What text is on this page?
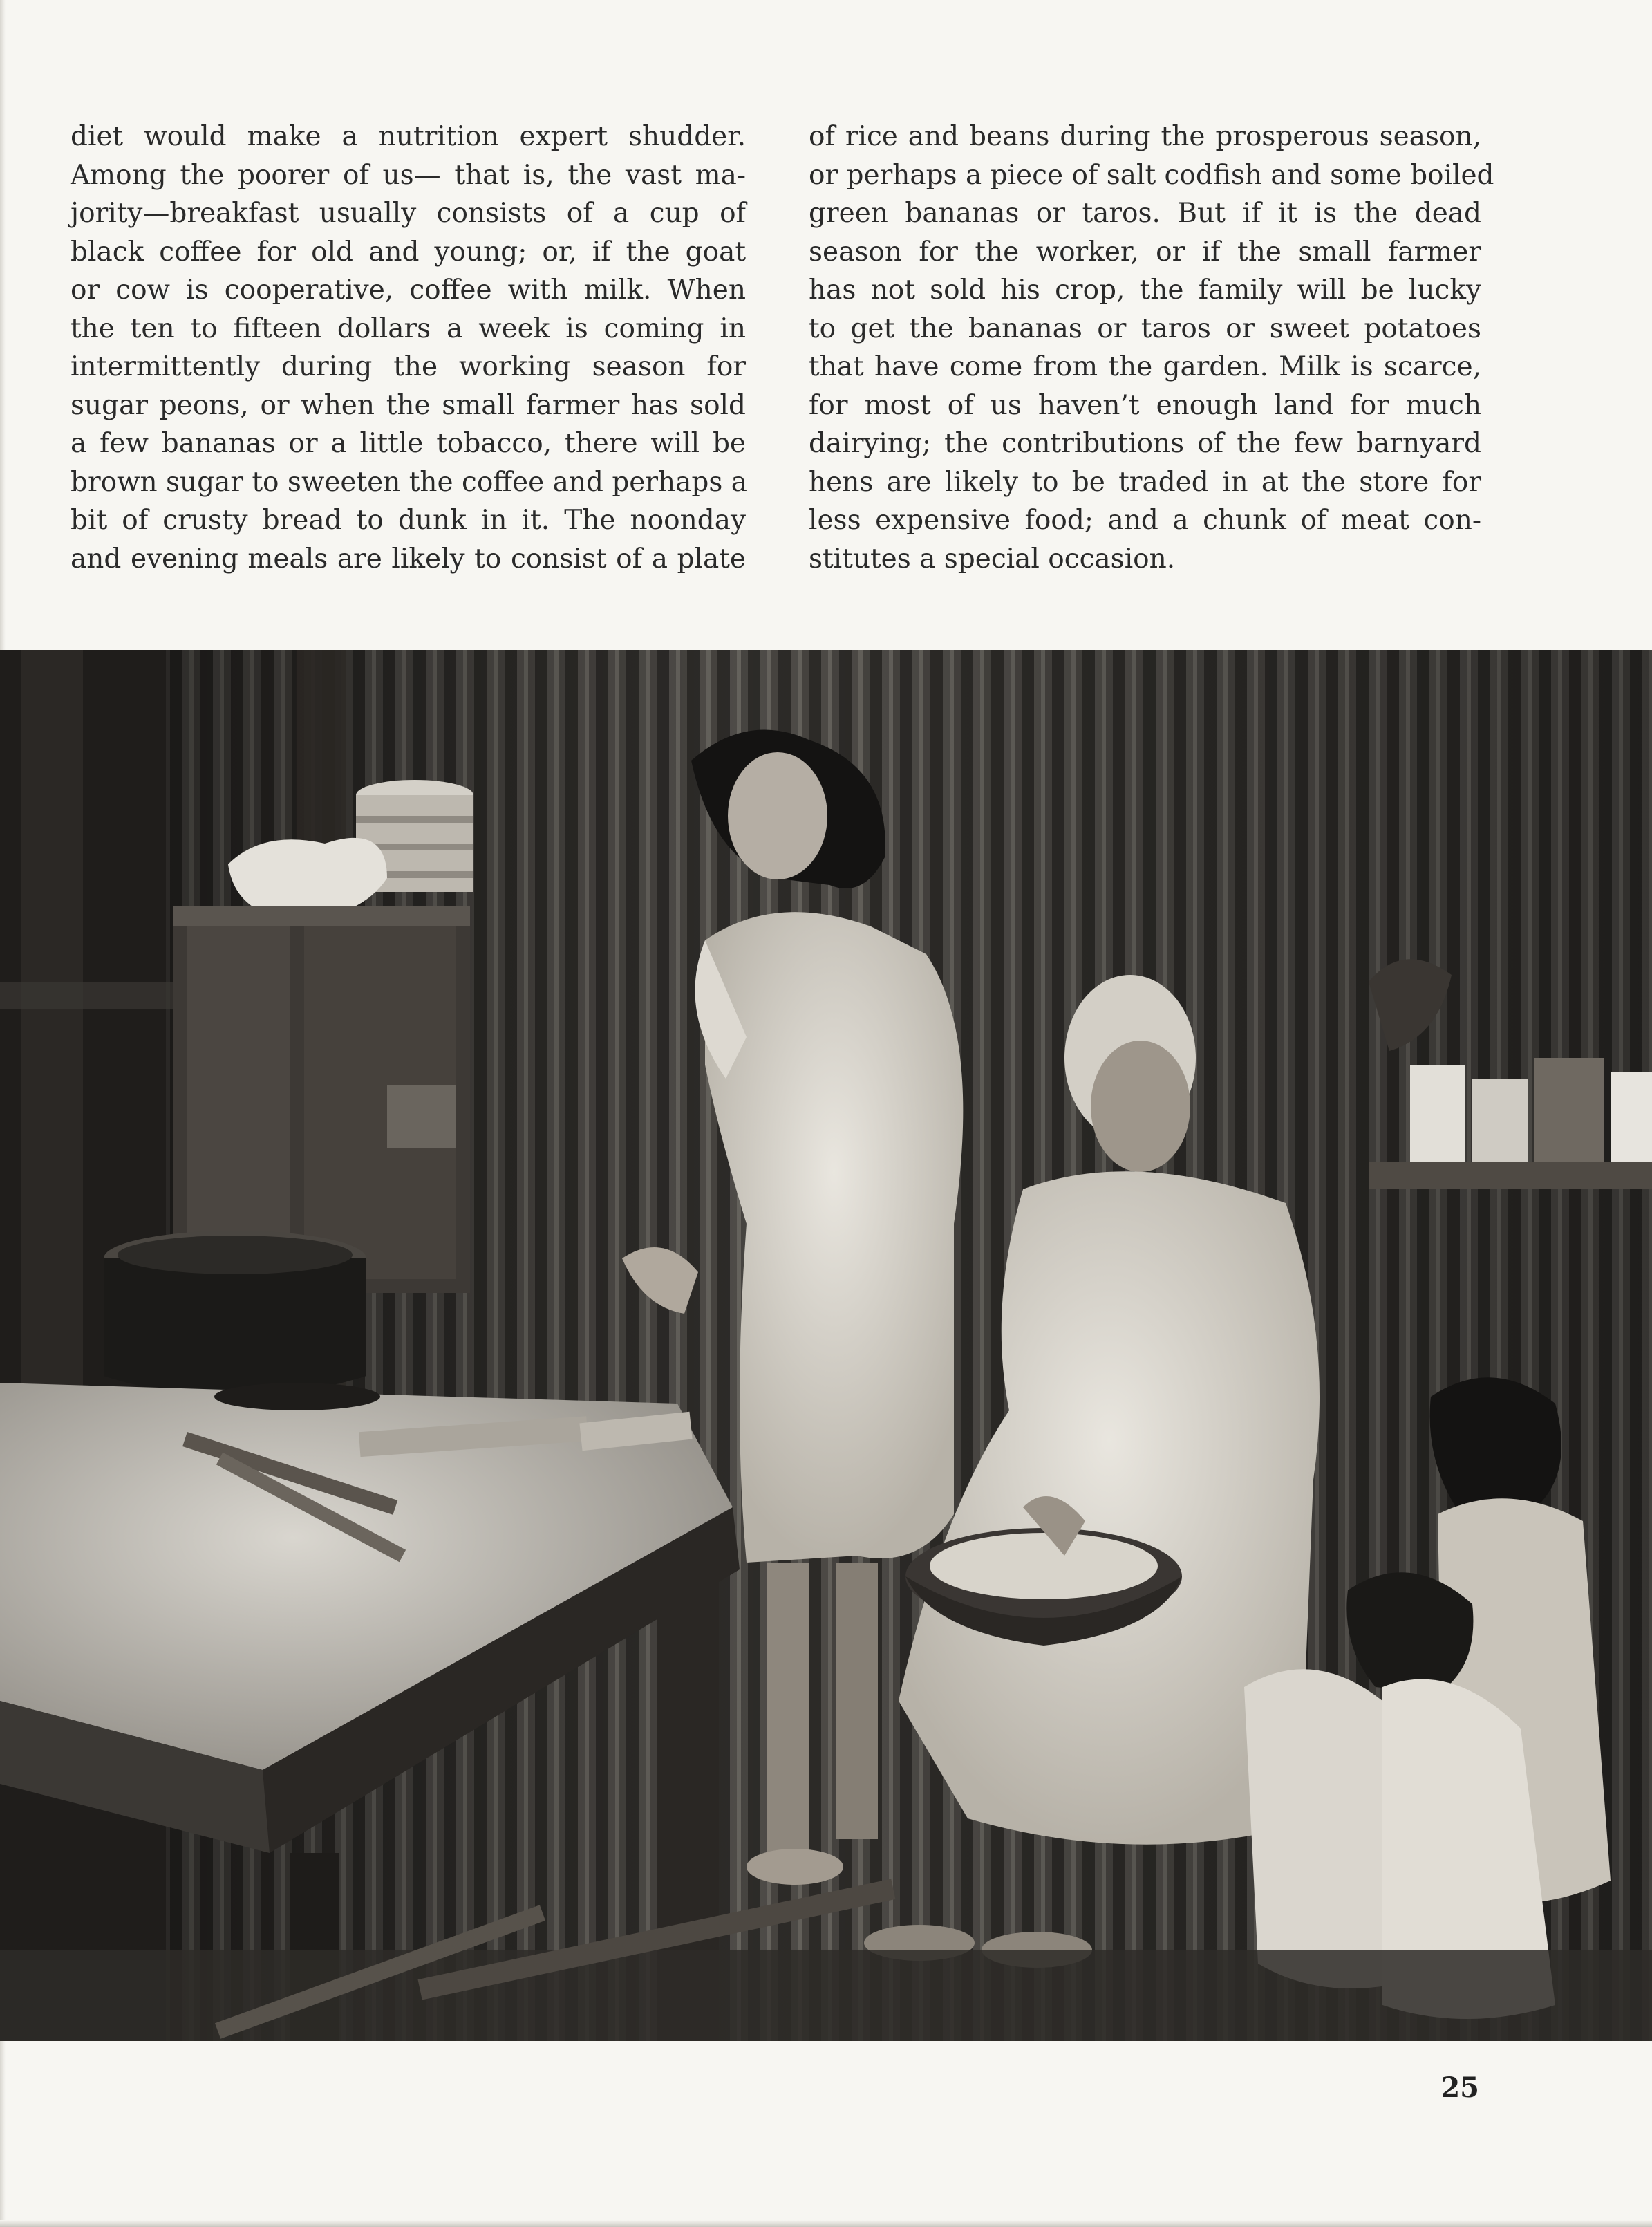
diet would make a nutrition expert shudder.
Among the poorer of us— that is, the vast ma-
jority—breakfast usually consists of a cup of
black coffee for old and young; or, if the goat
or cow is cooperative, coffee with milk. When
the ten to fifteen dollars a week is coming in
intermittently during the working season for
sugar peons, or when the small farmer has sold
a few bananas or a little tobacco, there will be
brown sugar to sweeten the coffee and perhaps a
bit of crusty bread to dunk in it. The noonday
and evening meals are likely to consist of a plate
of rice and beans during the prosperous season,
or perhaps a piece of salt codfish and some boiled
green bananas or taros. But if it is the dead
season for the worker, or if the small farmer
has not sold his crop, the family will be lucky
to get the bananas or taros or sweet potatoes
that have come from the garden. Milk is scarce,
for most of us haven’t enough land for much
dairying; the contributions of the few barnyard
hens are likely to be traded in at the store for
less expensive food; and a chunk of meat con-
stitutes a special occasion.
25
